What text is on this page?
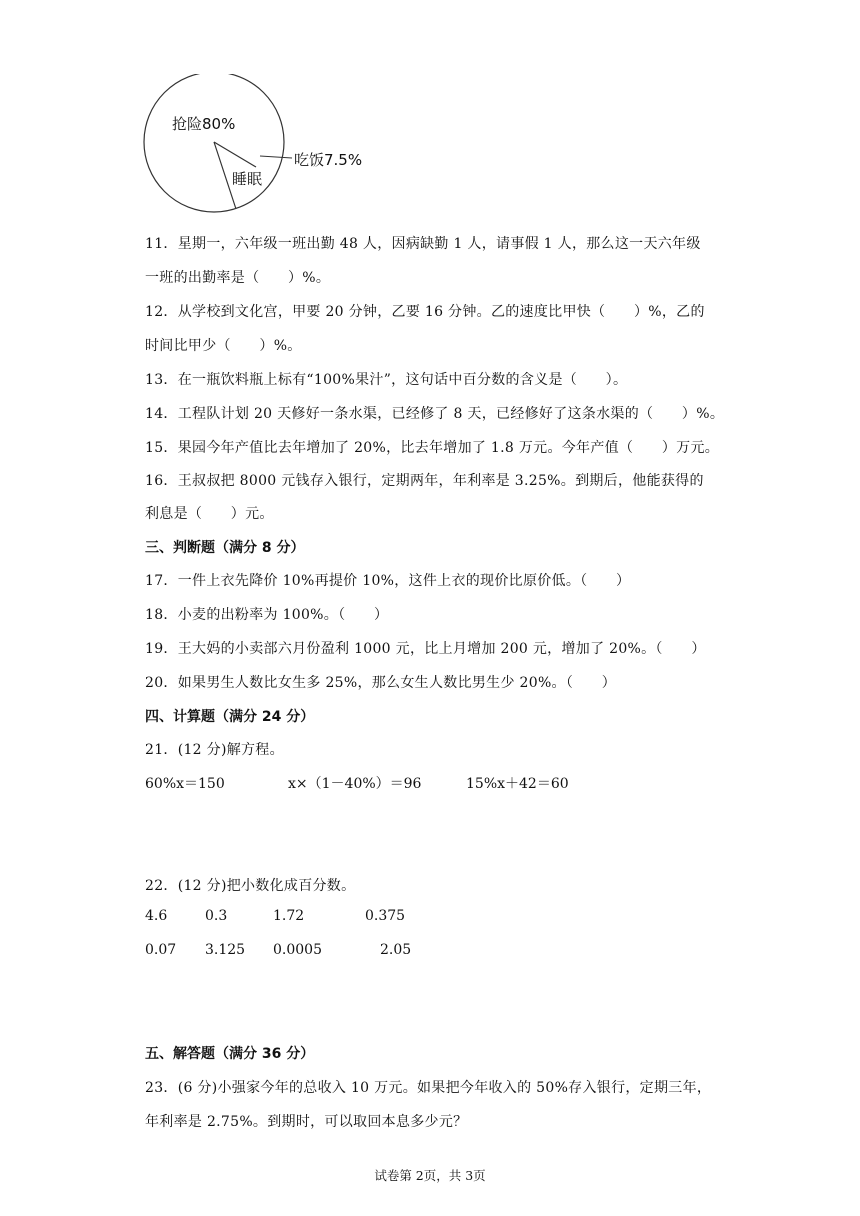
抢险80%
吃饭7.5%
睡眠
11．星期一，六年级一班出勤 48 人，因病缺勤 1 人，请事假 1 人，那么这一天六年级
一班的出勤率是（　　）%。
12．从学校到文化宫，甲要 20 分钟，乙要 16 分钟。乙的速度比甲快（　　）%，乙的
时间比甲少（　　）%。
13．在一瓶饮料瓶上标有“100%果汁”，这句话中百分数的含义是（　　）。
14．工程队计划 20 天修好一条水渠，已经修了 8 天，已经修好了这条水渠的（　　）%。
15．果园今年产值比去年增加了 20%，比去年增加了 1.8 万元。今年产值（　　）万元。
16．王叔叔把 8000 元钱存入银行，定期两年，年利率是 3.25%。到期后，他能获得的
利息是（　　）元。
三、判断题（满分 8 分）
17．一件上衣先降价 10%再提价 10%，这件上衣的现价比原价低。（　　）
18．小麦的出粉率为 100%。（　　）
19．王大妈的小卖部六月份盈利 1000 元，比上月增加 200 元，增加了 20%。（　　）
20．如果男生人数比女生多 25%，那么女生人数比男生少 20%。（　　）
四、计算题（满分 24 分）
21．(12 分)解方程。
60%x＝150	x×（1－40%）＝96	15%x＋42＝60
22．(12 分)把小数化成百分数。
4.6	0.3	1.72	0.375
0.07 3.125 0.0005	2.05
五、解答题（满分 36 分）
23．(6 分)小强家今年的总收入 10 万元。如果把今年收入的 50%存入银行，定期三年，
年利率是 2.75%。到期时，可以取回本息多少元？
试卷第 2页，共 3页
